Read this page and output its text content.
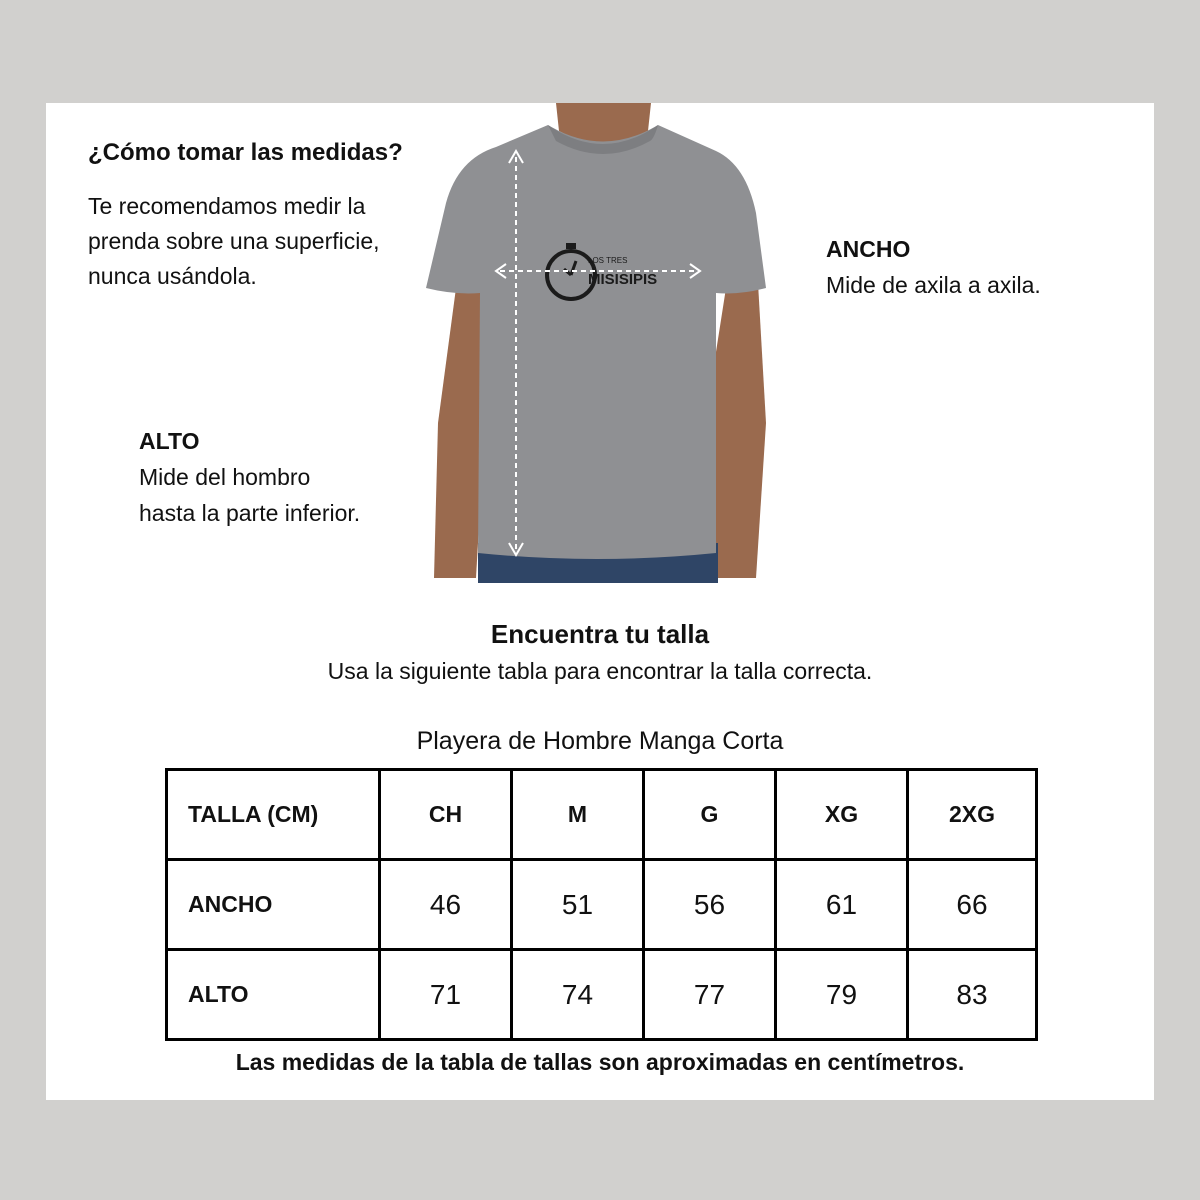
¿Cómo tomar las medidas?

Te recomendamos medir la
prenda sobre una superficie,
nunca usándola.

LOS TRES
MISISIPIS
ANCHO
Mide de axila a axila.
ALTO
Mide del hombro
hasta la parte inferior.
Encuentra tu talla
Usa la siguiente tabla para encontrar la talla correcta.
Playera de Hombre Manga Corta
TALLA (CM)	CH	M	G	XG	2XG
ANCHO	46	51	56	61	66
ALTO	71	74	77	79	83
Las medidas de la tabla de tallas son aproximadas en centímetros.
